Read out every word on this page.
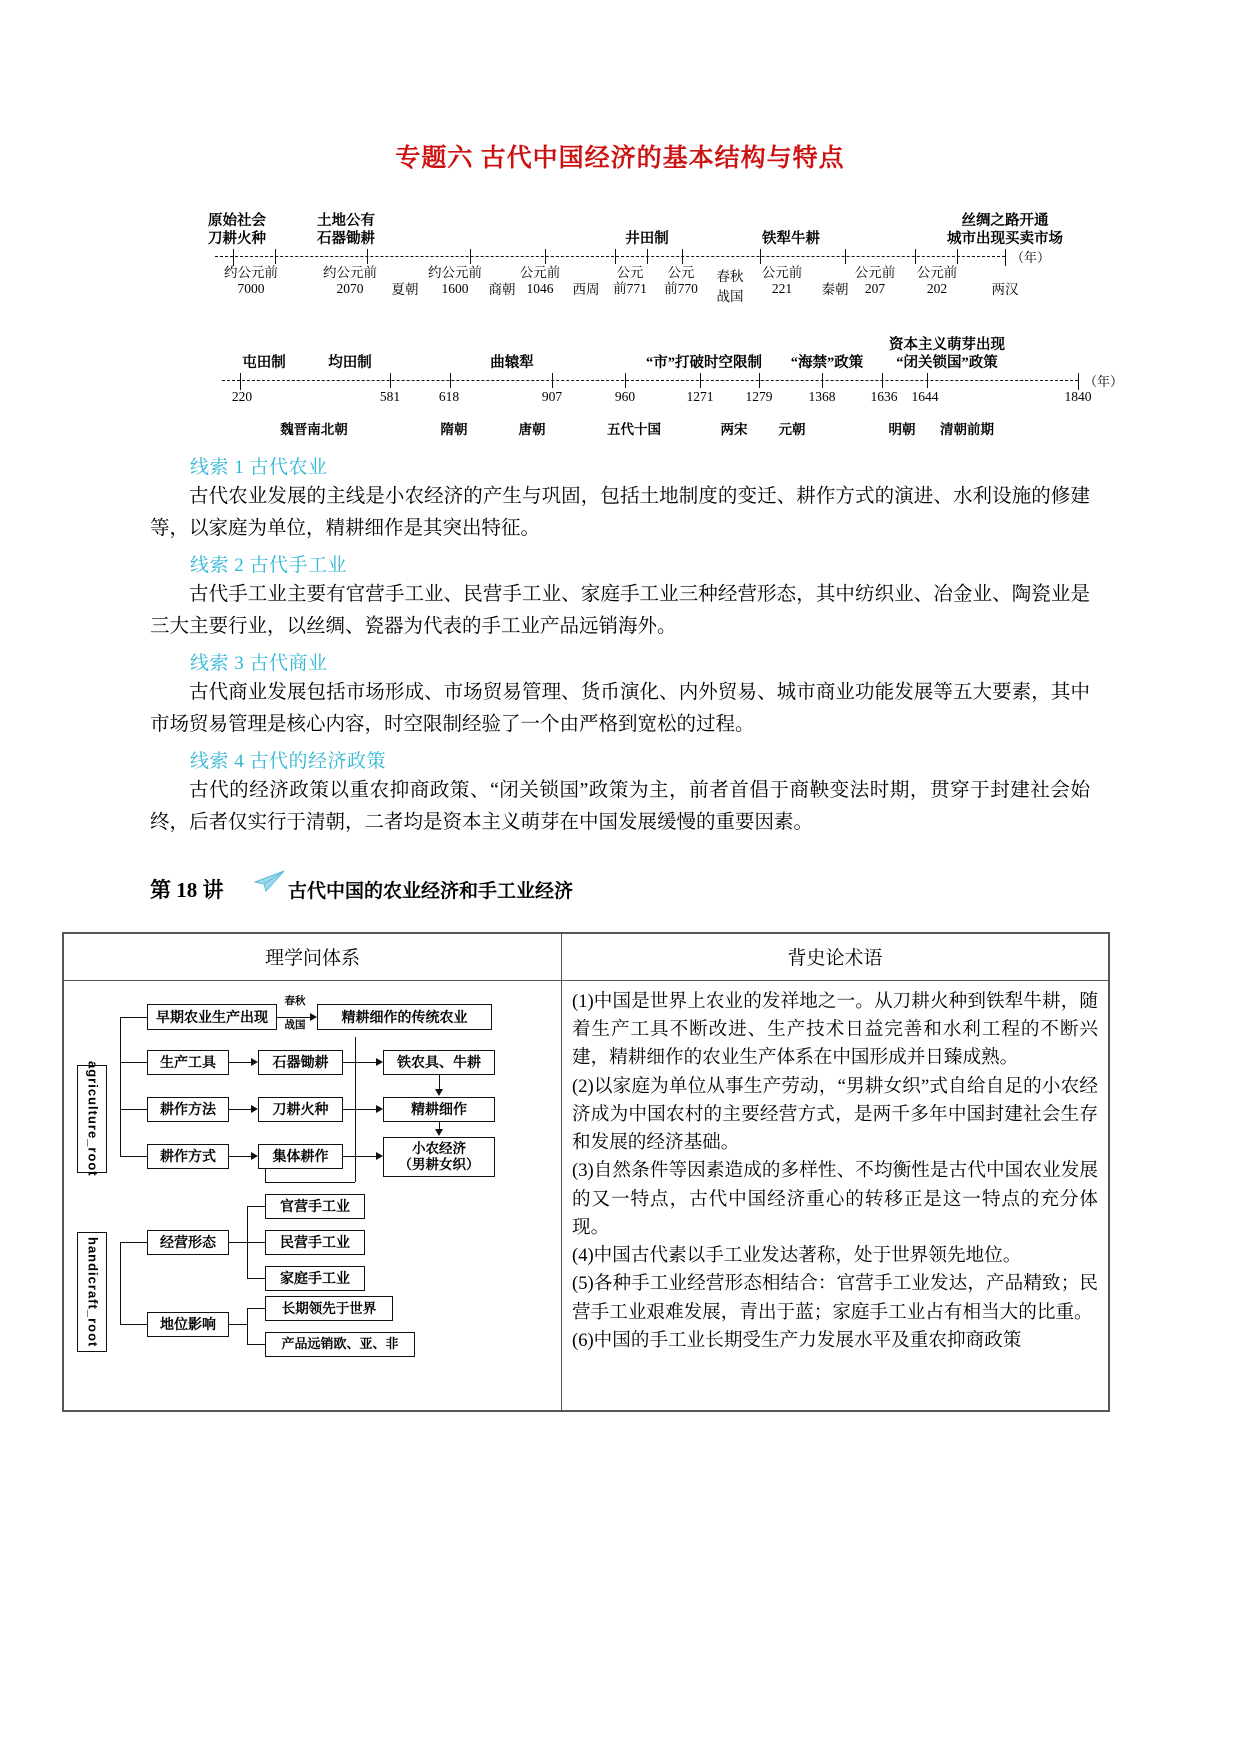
专题六 古代中国经济的基本结构与特点
（年）
原始社会
刀耕火种
土地公有
石器锄耕	井田制	铁犁牛耕
丝绸之路开通
城市出现买卖市场
约公元前
7000
约公元前
2070
约公元前
1600
公元前
1046
公元
前771
公元
前770
公元前
221
公元前
207
公元前
202
夏朝	商朝	西周
春秋
战国	秦朝	两汉
（年）
屯田制	均田制	曲辕犁	“市”打破时空限制 “海禁”政策
资本主义萌芽出现
“闭关锁国”政策
220	581	618	907	960	1271 1279	1368	1636 1644	1840
魏晋南北朝	隋朝	唐朝	五代十国	两宋 元朝	明朝 清朝前期
线索 1 古代农业
古代农业发展的主线是小农经济的产生与巩固，包括土地制度的变迁、耕作方式的演进、水利设施的修建等，以家庭为单位，精耕细作是其突出特征。
线索 2 古代手工业
古代手工业主要有官营手工业、民营手工业、家庭手工业三种经营形态，其中纺织业、冶金业、陶瓷业是三大主要行业，以丝绸、瓷器为代表的手工业产品远销海外。
线索 3 古代商业
古代商业发展包括市场形成、市场贸易管理、货币演化、内外贸易、城市商业功能发展等五大要素，其中市场贸易管理是核心内容，时空限制经验了一个由严格到宽松的过程。
线索 4 古代的经济政策
古代的经济政策以重农抑商政策、“闭关锁国”政策为主，前者首倡于商鞅变法时期，贯穿于封建社会始终，后者仅实行于清朝，二者均是资本主义萌芽在中国发展缓慢的重要因素。
第 18 讲	古代中国的农业经济和手工业经济
理学问体系	背史论术语

agriculture_root
早期农业生产出现	精耕细作的传统农业
生产工具	石器锄耕	铁农具、牛耕
耕作方法	刀耕火种	精耕细作
耕作方式	集体耕作	小农经济
（男耕女织）
春秋
战国
handicraft_root	经营形态
官营手工业
民营手工业
家庭手工业
地位影响
长期领先于世界
产品远销欧、亚、非

(1)中国是世界上农业的发祥地之一。从刀耕火种到铁犁牛耕，随着生产工具不断改进、生产技术日益完善和水利工程的不断兴建，精耕细作的农业生产体系在中国形成并日臻成熟。

(2)以家庭为单位从事生产劳动，“男耕女织”式自给自足的小农经济成为中国农村的主要经营方式，是两千多年中国封建社会生存和发展的经济基础。

(3)自然条件等因素造成的多样性、不均衡性是古代中国农业发展的又一特点，古代中国经济重心的转移正是这一特点的充分体现。

(4)中国古代素以手工业发达著称，处于世界领先地位。

(5)各种手工业经营形态相结合：官营手工业发达，产品精致；民营手工业艰难发展，青出于蓝；家庭手工业占有相当大的比重。

(6)中国的手工业长期受生产力发展水平及重农抑商政策
